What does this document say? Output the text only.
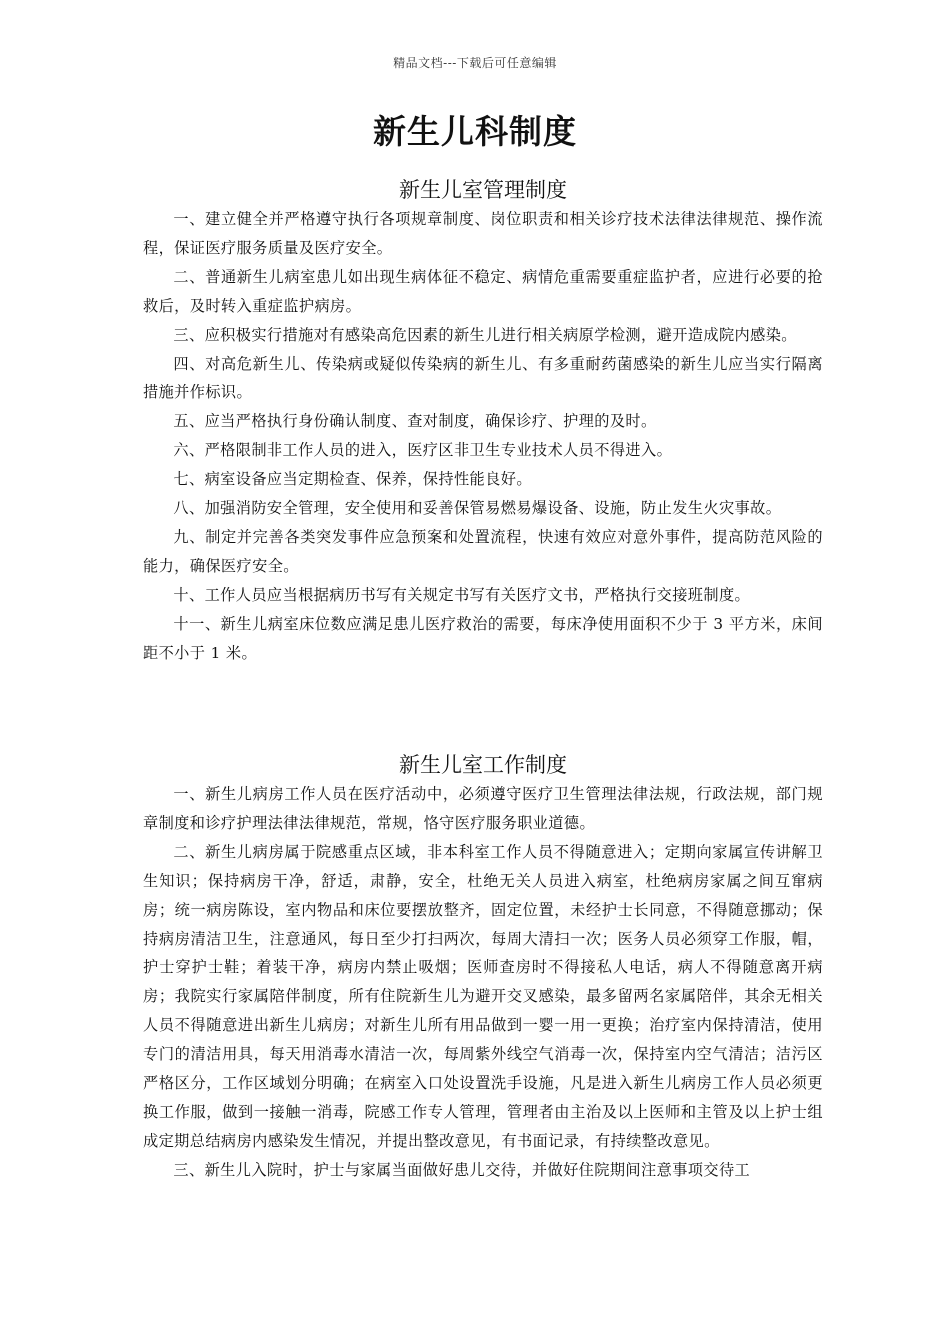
精品文档---下载后可任意编辑
新生儿科制度
新生儿室管理制度

一、建立健全并严格遵守执行各项规章制度、岗位职责和相关诊疗技术法律法律规范、操作流程，保证医疗服务质量及医疗安全。

二、普通新生儿病室患儿如出现生病体征不稳定、病情危重需要重症监护者，应进行必要的抢救后，及时转入重症监护病房。

三、应积极实行措施对有感染高危因素的新生儿进行相关病原学检测，避开造成院内感染。

四、对高危新生儿、传染病或疑似传染病的新生儿、有多重耐药菌感染的新生儿应当实行隔离措施并作标识。

五、应当严格执行身份确认制度、查对制度，确保诊疗、护理的及时。

六、严格限制非工作人员的进入，医疗区非卫生专业技术人员不得进入。

七、病室设备应当定期检查、保养，保持性能良好。

八、加强消防安全管理，安全使用和妥善保管易燃易爆设备、设施，防止发生火灾事故。

九、制定并完善各类突发事件应急预案和处置流程，快速有效应对意外事件，提高防范风险的能力，确保医疗安全。

十、工作人员应当根据病历书写有关规定书写有关医疗文书，严格执行交接班制度。

十一、新生儿病室床位数应满足患儿医疗救治的需要，每床净使用面积不少于 3 平方米，床间距不小于 1 米。

新生儿室工作制度

一、新生儿病房工作人员在医疗活动中，必须遵守医疗卫生管理法律法规，行政法规，部门规章制度和诊疗护理法律法律规范，常规，恪守医疗服务职业道德。

二、新生儿病房属于院感重点区域，非本科室工作人员不得随意进入；定期向家属宣传讲解卫生知识；保持病房干净，舒适，肃静，安全，杜绝无关人员进入病室，杜绝病房家属之间互窜病房；统一病房陈设，室内物品和床位要摆放整齐，固定位置，未经护士长同意，不得随意挪动；保持病房清洁卫生，注意通风，每日至少打扫两次，每周大清扫一次；医务人员必须穿工作服，帽，护士穿护士鞋；着装干净，病房内禁止吸烟；医师查房时不得接私人电话，病人不得随意离开病房；我院实行家属陪伴制度，所有住院新生儿为避开交叉感染，最多留两名家属陪伴，其余无相关人员不得随意进出新生儿病房；对新生儿所有用品做到一婴一用一更换；治疗室内保持清洁，使用专门的清洁用具，每天用消毒水清洁一次，每周紫外线空气消毒一次，保持室内空气清洁；洁污区严格区分，工作区域划分明确；在病室入口处设置洗手设施，凡是进入新生儿病房工作人员必须更换工作服，做到一接触一消毒，院感工作专人管理，管理者由主治及以上医师和主管及以上护士组成定期总结病房内感染发生情况，并提出整改意见，有书面记录，有持续整改意见。

三、新生儿入院时，护士与家属当面做好患儿交待，并做好住院期间注意事项交待工
